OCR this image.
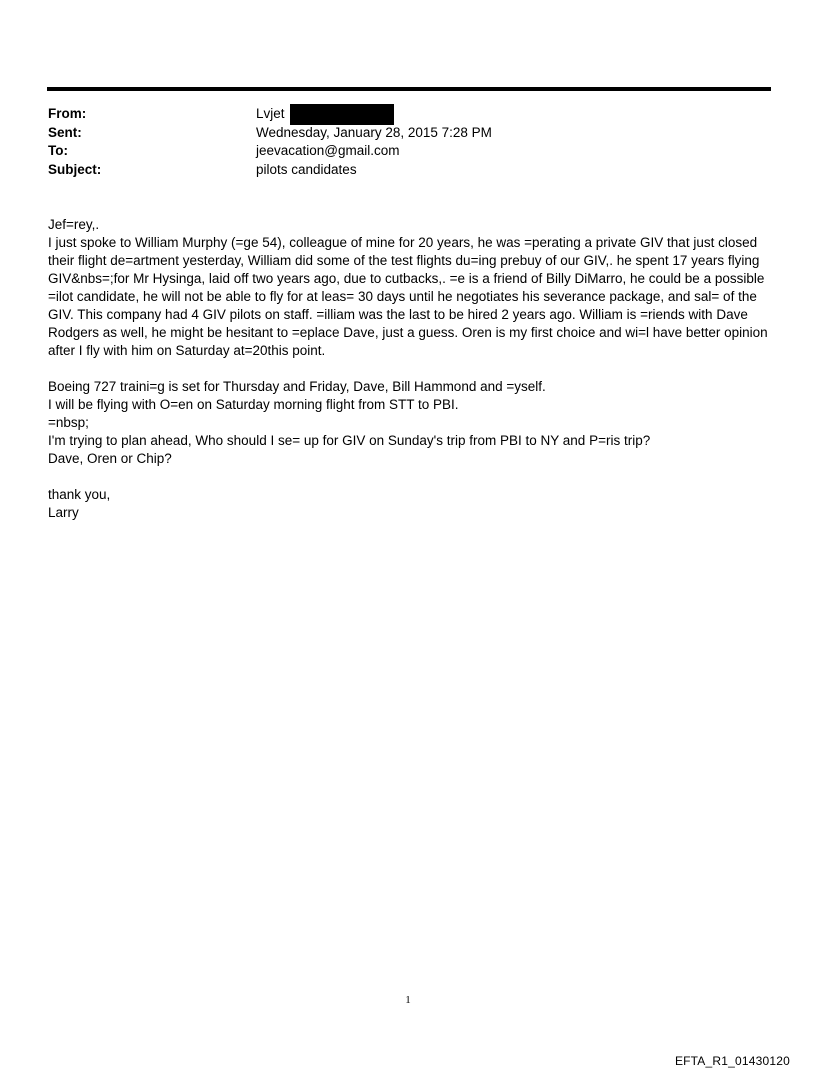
From:	Lvjet
Sent:	Wednesday, January 28, 2015 7:28 PM
To:	jeevacation@gmail.com
Subject:	pilots candidates

Jef=rey,.

I just spoke to William Murphy (=ge 54), colleague of mine for 20 years, he was =perating a private GIV that just closed

their flight de=artment yesterday, William did some of the test flights du=ing prebuy of our GIV,. he spent 17 years flying

GIV&nbs=;for Mr Hysinga, laid off two years ago, due to cutbacks,. =e is a friend of Billy DiMarro, he could be a possible

=ilot candidate, he will not be able to fly for at leas= 30 days until he negotiates his severance package, and sal= of the

GIV. This company had 4 GIV pilots on staff. =illiam was the last to be hired 2 years ago. William is =riends with Dave

Rodgers as well, he might be hesitant to =eplace Dave, just a guess. Oren is my first choice and wi=l have better opinion

after I fly with him on Saturday at=20this point.

Boeing 727 traini=g is set for Thursday and Friday, Dave, Bill Hammond and =yself.

I will be flying with O=en on Saturday morning flight from STT to PBI.

=nbsp;

I'm trying to plan ahead, Who should I se= up for GIV on Sunday's trip from PBI to NY and P=ris trip?

Dave, Oren or Chip?

thank you,

Larry

1
EFTA_R1_01430120
